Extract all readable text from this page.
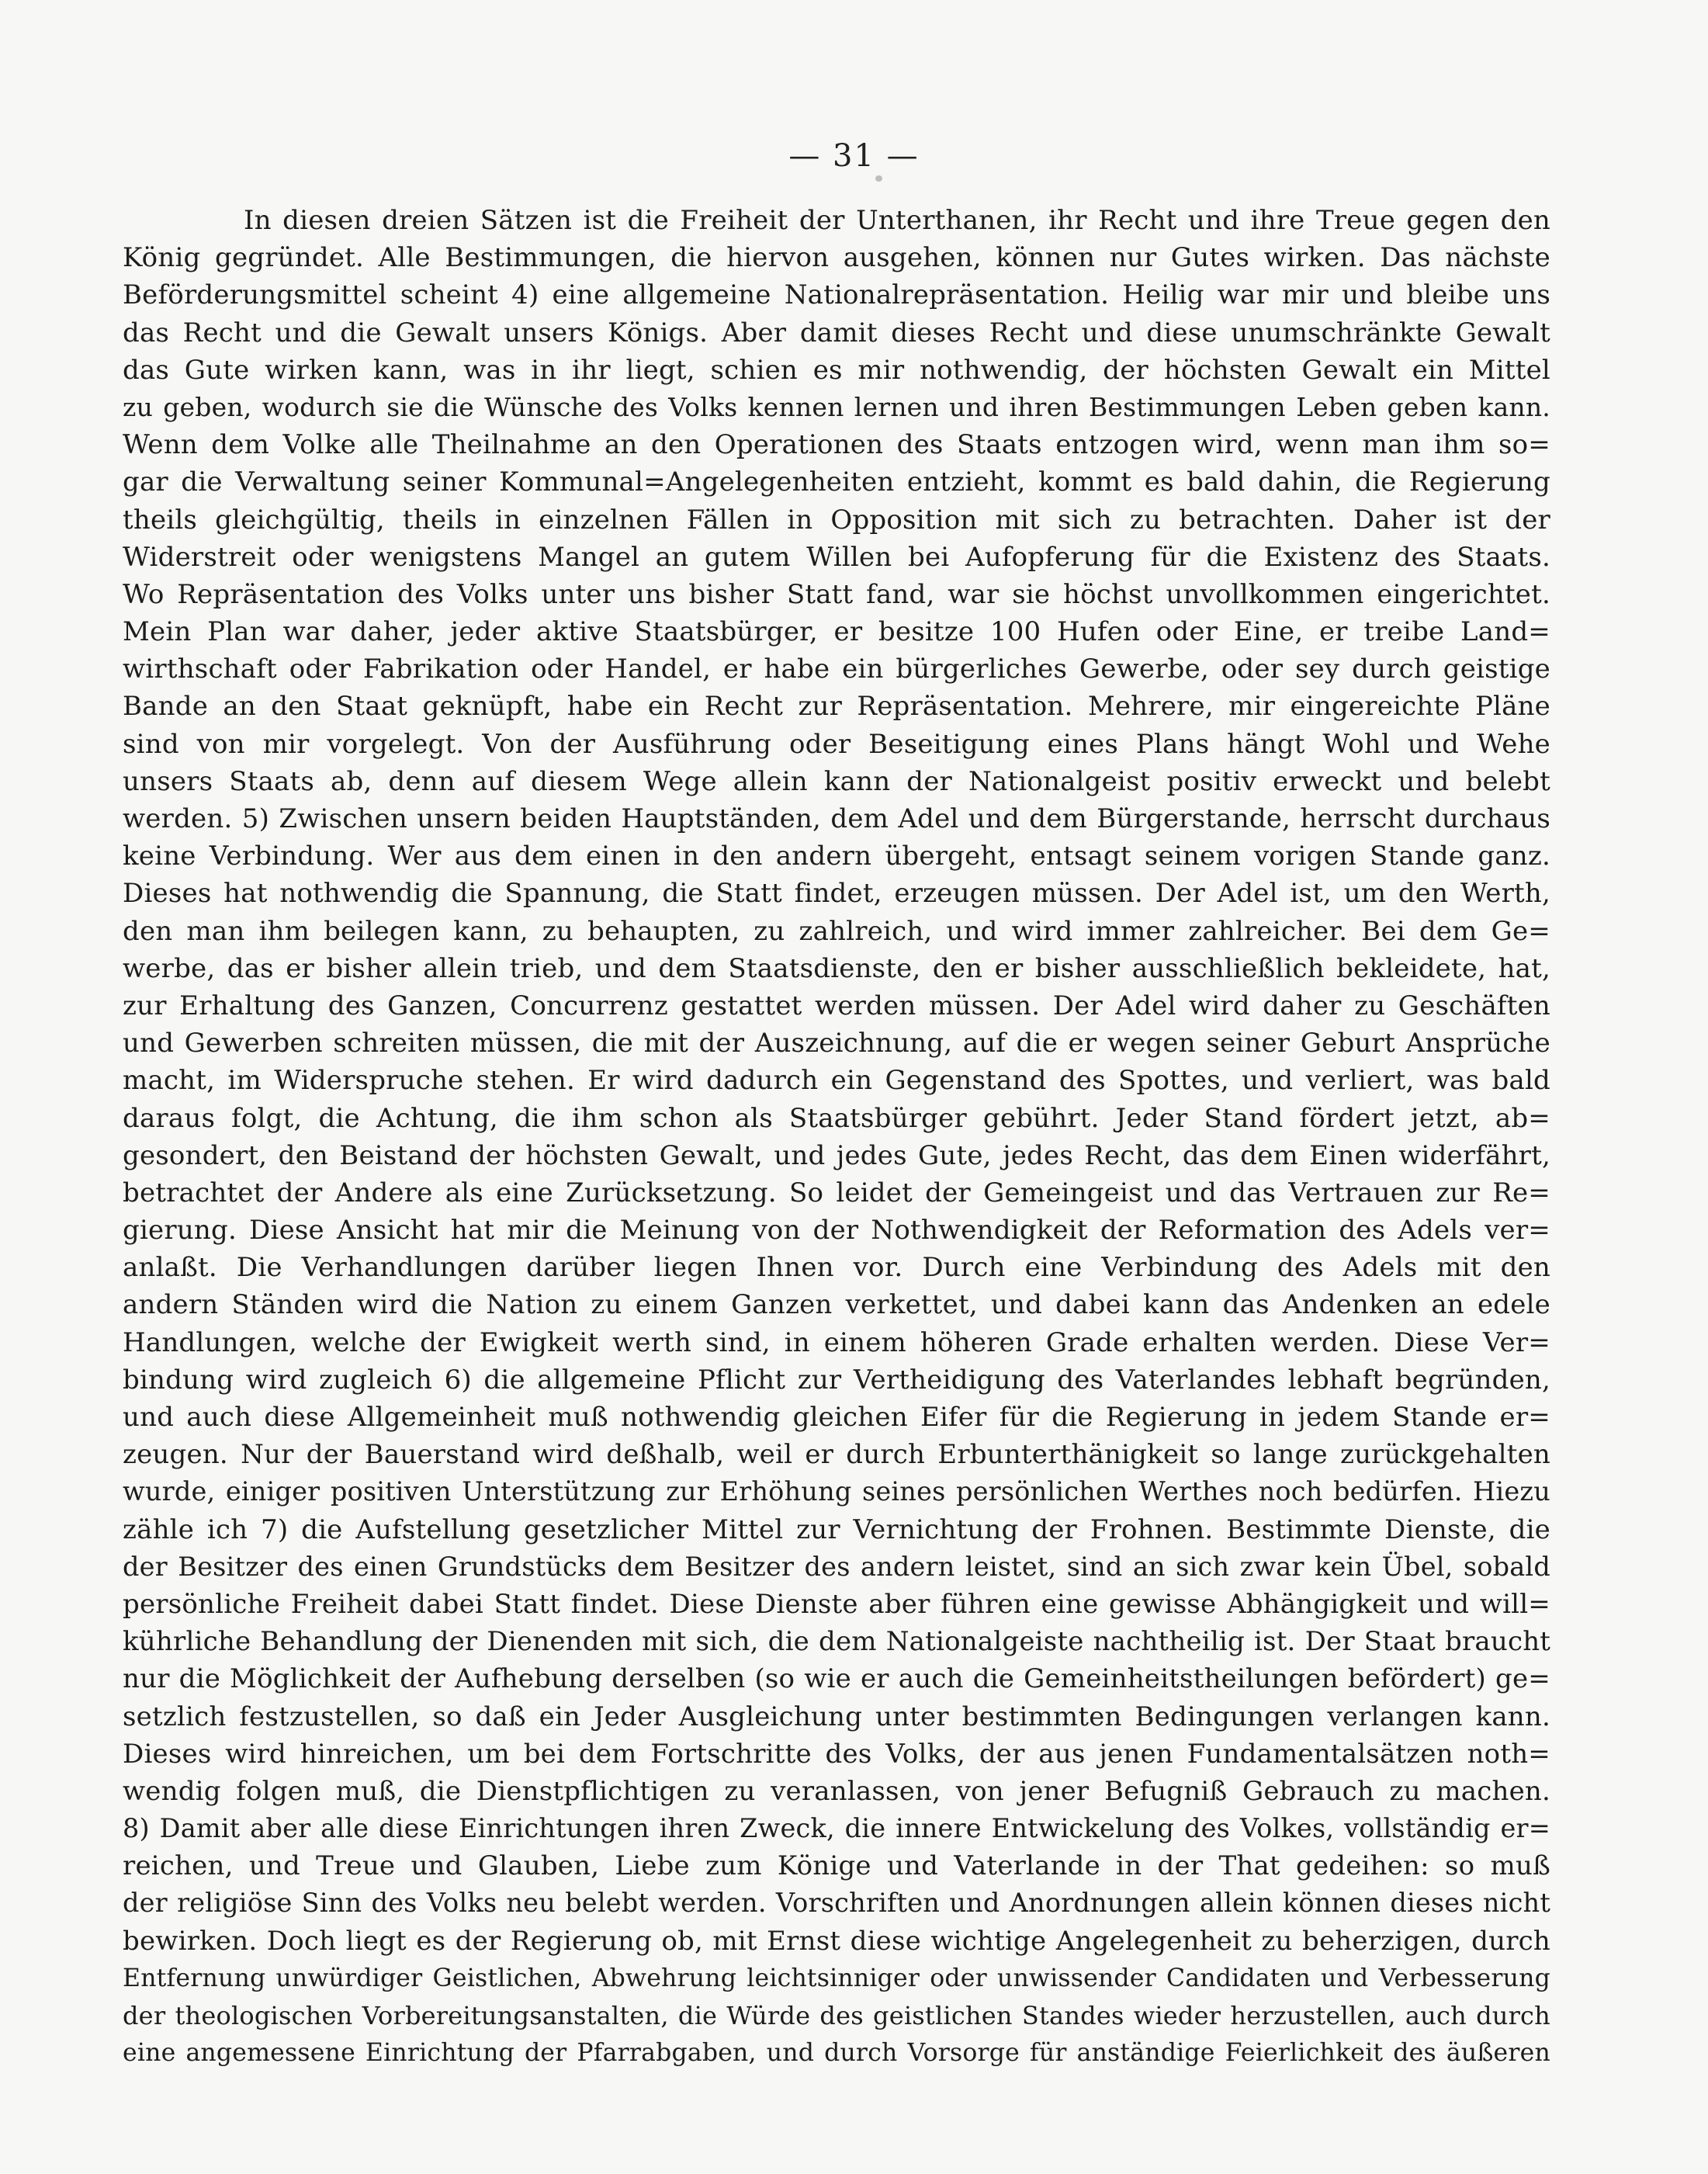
— 31 —
In diesen dreien Sätzen ist die Freiheit der Unterthanen, ihr Recht und ihre Treue gegen den
König gegründet. Alle Bestimmungen, die hiervon ausgehen, können nur Gutes wirken. Das nächste
Beförderungsmittel scheint 4) eine allgemeine Nationalrepräsentation. Heilig war mir und bleibe uns
das Recht und die Gewalt unsers Königs. Aber damit dieses Recht und diese unumschränkte Gewalt
das Gute wirken kann, was in ihr liegt, schien es mir nothwendig, der höchsten Gewalt ein Mittel
zu geben, wodurch sie die Wünsche des Volks kennen lernen und ihren Bestimmungen Leben geben kann.
Wenn dem Volke alle Theilnahme an den Operationen des Staats entzogen wird, wenn man ihm so=
gar die Verwaltung seiner Kommunal=Angelegenheiten entzieht, kommt es bald dahin, die Regierung
theils gleichgültig, theils in einzelnen Fällen in Opposition mit sich zu betrachten. Daher ist der
Widerstreit oder wenigstens Mangel an gutem Willen bei Aufopferung für die Existenz des Staats.
Wo Repräsentation des Volks unter uns bisher Statt fand, war sie höchst unvollkommen eingerichtet.
Mein Plan war daher, jeder aktive Staatsbürger, er besitze 100 Hufen oder Eine, er treibe Land=
wirthschaft oder Fabrikation oder Handel, er habe ein bürgerliches Gewerbe, oder sey durch geistige
Bande an den Staat geknüpft, habe ein Recht zur Repräsentation. Mehrere, mir eingereichte Pläne
sind von mir vorgelegt. Von der Ausführung oder Beseitigung eines Plans hängt Wohl und Wehe
unsers Staats ab, denn auf diesem Wege allein kann der Nationalgeist positiv erweckt und belebt
werden. 5) Zwischen unsern beiden Hauptständen, dem Adel und dem Bürgerstande, herrscht durchaus
keine Verbindung. Wer aus dem einen in den andern übergeht, entsagt seinem vorigen Stande ganz.
Dieses hat nothwendig die Spannung, die Statt findet, erzeugen müssen. Der Adel ist, um den Werth,
den man ihm beilegen kann, zu behaupten, zu zahlreich, und wird immer zahlreicher. Bei dem Ge=
werbe, das er bisher allein trieb, und dem Staatsdienste, den er bisher ausschließlich bekleidete, hat,
zur Erhaltung des Ganzen, Concurrenz gestattet werden müssen. Der Adel wird daher zu Geschäften
und Gewerben schreiten müssen, die mit der Auszeichnung, auf die er wegen seiner Geburt Ansprüche
macht, im Widerspruche stehen. Er wird dadurch ein Gegenstand des Spottes, und verliert, was bald
daraus folgt, die Achtung, die ihm schon als Staatsbürger gebührt. Jeder Stand fördert jetzt, ab=
gesondert, den Beistand der höchsten Gewalt, und jedes Gute, jedes Recht, das dem Einen widerfährt,
betrachtet der Andere als eine Zurücksetzung. So leidet der Gemeingeist und das Vertrauen zur Re=
gierung. Diese Ansicht hat mir die Meinung von der Nothwendigkeit der Reformation des Adels ver=
anlaßt. Die Verhandlungen darüber liegen Ihnen vor. Durch eine Verbindung des Adels mit den
andern Ständen wird die Nation zu einem Ganzen verkettet, und dabei kann das Andenken an edele
Handlungen, welche der Ewigkeit werth sind, in einem höheren Grade erhalten werden. Diese Ver=
bindung wird zugleich 6) die allgemeine Pflicht zur Vertheidigung des Vaterlandes lebhaft begründen,
und auch diese Allgemeinheit muß nothwendig gleichen Eifer für die Regierung in jedem Stande er=
zeugen. Nur der Bauerstand wird deßhalb, weil er durch Erbunterthänigkeit so lange zurückgehalten
wurde, einiger positiven Unterstützung zur Erhöhung seines persönlichen Werthes noch bedürfen. Hiezu
zähle ich 7) die Aufstellung gesetzlicher Mittel zur Vernichtung der Frohnen. Bestimmte Dienste, die
der Besitzer des einen Grundstücks dem Besitzer des andern leistet, sind an sich zwar kein Übel, sobald
persönliche Freiheit dabei Statt findet. Diese Dienste aber führen eine gewisse Abhängigkeit und will=
kührliche Behandlung der Dienenden mit sich, die dem Nationalgeiste nachtheilig ist. Der Staat braucht
nur die Möglichkeit der Aufhebung derselben (so wie er auch die Gemeinheitstheilungen befördert) ge=
setzlich festzustellen, so daß ein Jeder Ausgleichung unter bestimmten Bedingungen verlangen kann.
Dieses wird hinreichen, um bei dem Fortschritte des Volks, der aus jenen Fundamentalsätzen noth=
wendig folgen muß, die Dienstpflichtigen zu veranlassen, von jener Befugniß Gebrauch zu machen.
8) Damit aber alle diese Einrichtungen ihren Zweck, die innere Entwickelung des Volkes, vollständig er=
reichen, und Treue und Glauben, Liebe zum Könige und Vaterlande in der That gedeihen: so muß
der religiöse Sinn des Volks neu belebt werden. Vorschriften und Anordnungen allein können dieses nicht
bewirken. Doch liegt es der Regierung ob, mit Ernst diese wichtige Angelegenheit zu beherzigen, durch
Entfernung unwürdiger Geistlichen, Abwehrung leichtsinniger oder unwissender Candidaten und Verbesserung
der theologischen Vorbereitungsanstalten, die Würde des geistlichen Standes wieder herzustellen, auch durch
eine angemessene Einrichtung der Pfarrabgaben, und durch Vorsorge für anständige Feierlichkeit des äußeren
